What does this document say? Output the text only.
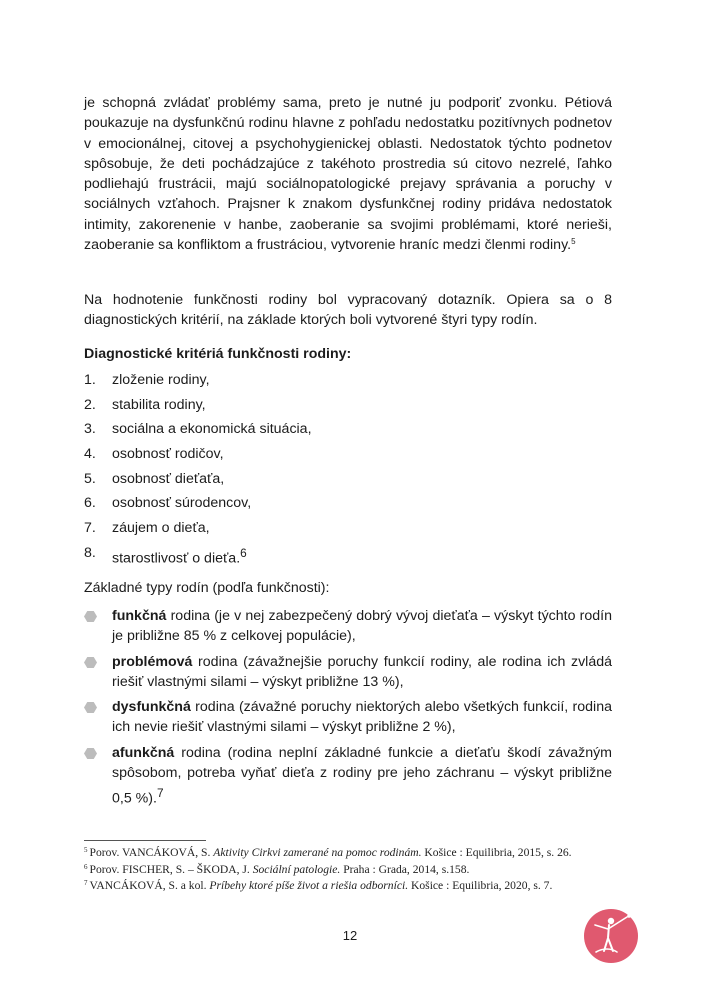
je schopná zvládať problémy sama, preto je nutné ju podporiť zvonku. Pétiová poukazuje na dysfunkčnú rodinu hlavne z pohľadu nedostatku pozitívnych podnetov v emocionálnej, citovej a psychohygienickej oblasti. Nedostatok týchto podnetov spôsobuje, že deti pochádzajúce z takéhoto prostredia sú citovo nezrelé, ľahko podliehajú frustrácii, majú sociálnopatologické prejavy správania a poruchy v sociálnych vzťahoch. Prajsner k znakom dysfunkčnej rodiny pridáva nedostatok intimity, zakorenenie v hanbe, zaoberanie sa svojimi problémami, ktoré nerieši, zaoberanie sa konfliktom a frustráciou, vytvorenie hraníc medzi členmi rodiny.$^5$

Na hodnotenie funkčnosti rodiny bol vypracovaný dotazník. Opiera sa o 8 diagnostických kritérií, na základe ktorých boli vytvorené štyri typy rodín.

Diagnostické kritériá funkčnosti rodiny:

1.	zloženie rodiny,
2.	stabilita rodiny,
3.	sociálna a ekonomická situácia,
4.	osobnosť rodičov,
5.	osobnosť dieťaťa,
6.	osobnosť súrodencov,
7.	záujem o dieťa,
8.	starostlivosť o dieťa.$^6$

Základné typy rodín (podľa funkčnosti):

funkčná rodina (je v nej zabezpečený dobrý vývoj dieťaťa – výskyt týchto rodín je približne 85 % z celkovej populácie),
problémová rodina (závažnejšie poruchy funkcií rodiny, ale rodina ich zvládá riešiť vlastnými silami – výskyt približne 13 %),
dysfunkčná rodina (závažné poruchy niektorých alebo všetkých funkcií, rodina ich nevie riešiť vlastnými silami – výskyt približne 2 %),
afunkčná rodina (rodina neplní základné funkcie a dieťaťu škodí závažným spôsobom, potreba vyňať dieťa z rodiny pre jeho záchranu – výskyt približne 0,5 %).$^7$

$^5$ Porov. VANCÁKOVÁ, S. Aktivity Cirkvi zamerané na pomoc rodinám. Košice : Equilibria, 2015, s. 26.

$^6$ Porov. FISCHER, S. – ŠKODA, J. Sociální patologie. Praha : Grada, 2014, s.158.

$^7$ VANCÁKOVÁ, S. a kol. Príbehy ktoré píše život a riešia odborníci. Košice : Equilibria, 2020, s. 7.

12
